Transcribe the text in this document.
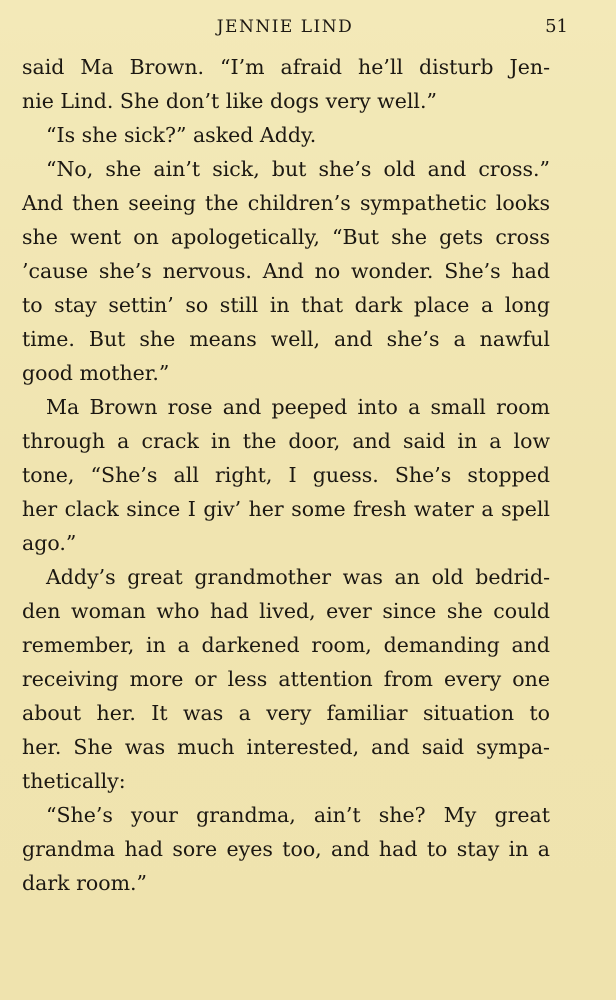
JENNIE LIND	51
said Ma Brown. “I’m afraid he’ll disturb Jen-
nie Lind. She don’t like dogs very well.”
“Is she sick?” asked Addy.
“No, she ain’t sick, but she’s old and cross.”
And then seeing the children’s sympathetic looks
she went on apologetically, “But she gets cross
’cause she’s nervous. And no wonder. She’s had
to stay settin’ so still in that dark place a long
time. But she means well, and she’s a nawful
good mother.”
Ma Brown rose and peeped into a small room
through a crack in the door, and said in a low
tone, “She’s all right, I guess. She’s stopped
her clack since I giv’ her some fresh water a spell
ago.”
Addy’s great grandmother was an old bedrid-
den woman who had lived, ever since she could
remember, in a darkened room, demanding and
receiving more or less attention from every one
about her. It was a very familiar situation to
her. She was much interested, and said sympa-
thetically:
“She’s your grandma, ain’t she? My great
grandma had sore eyes too, and had to stay in a
dark room.”
